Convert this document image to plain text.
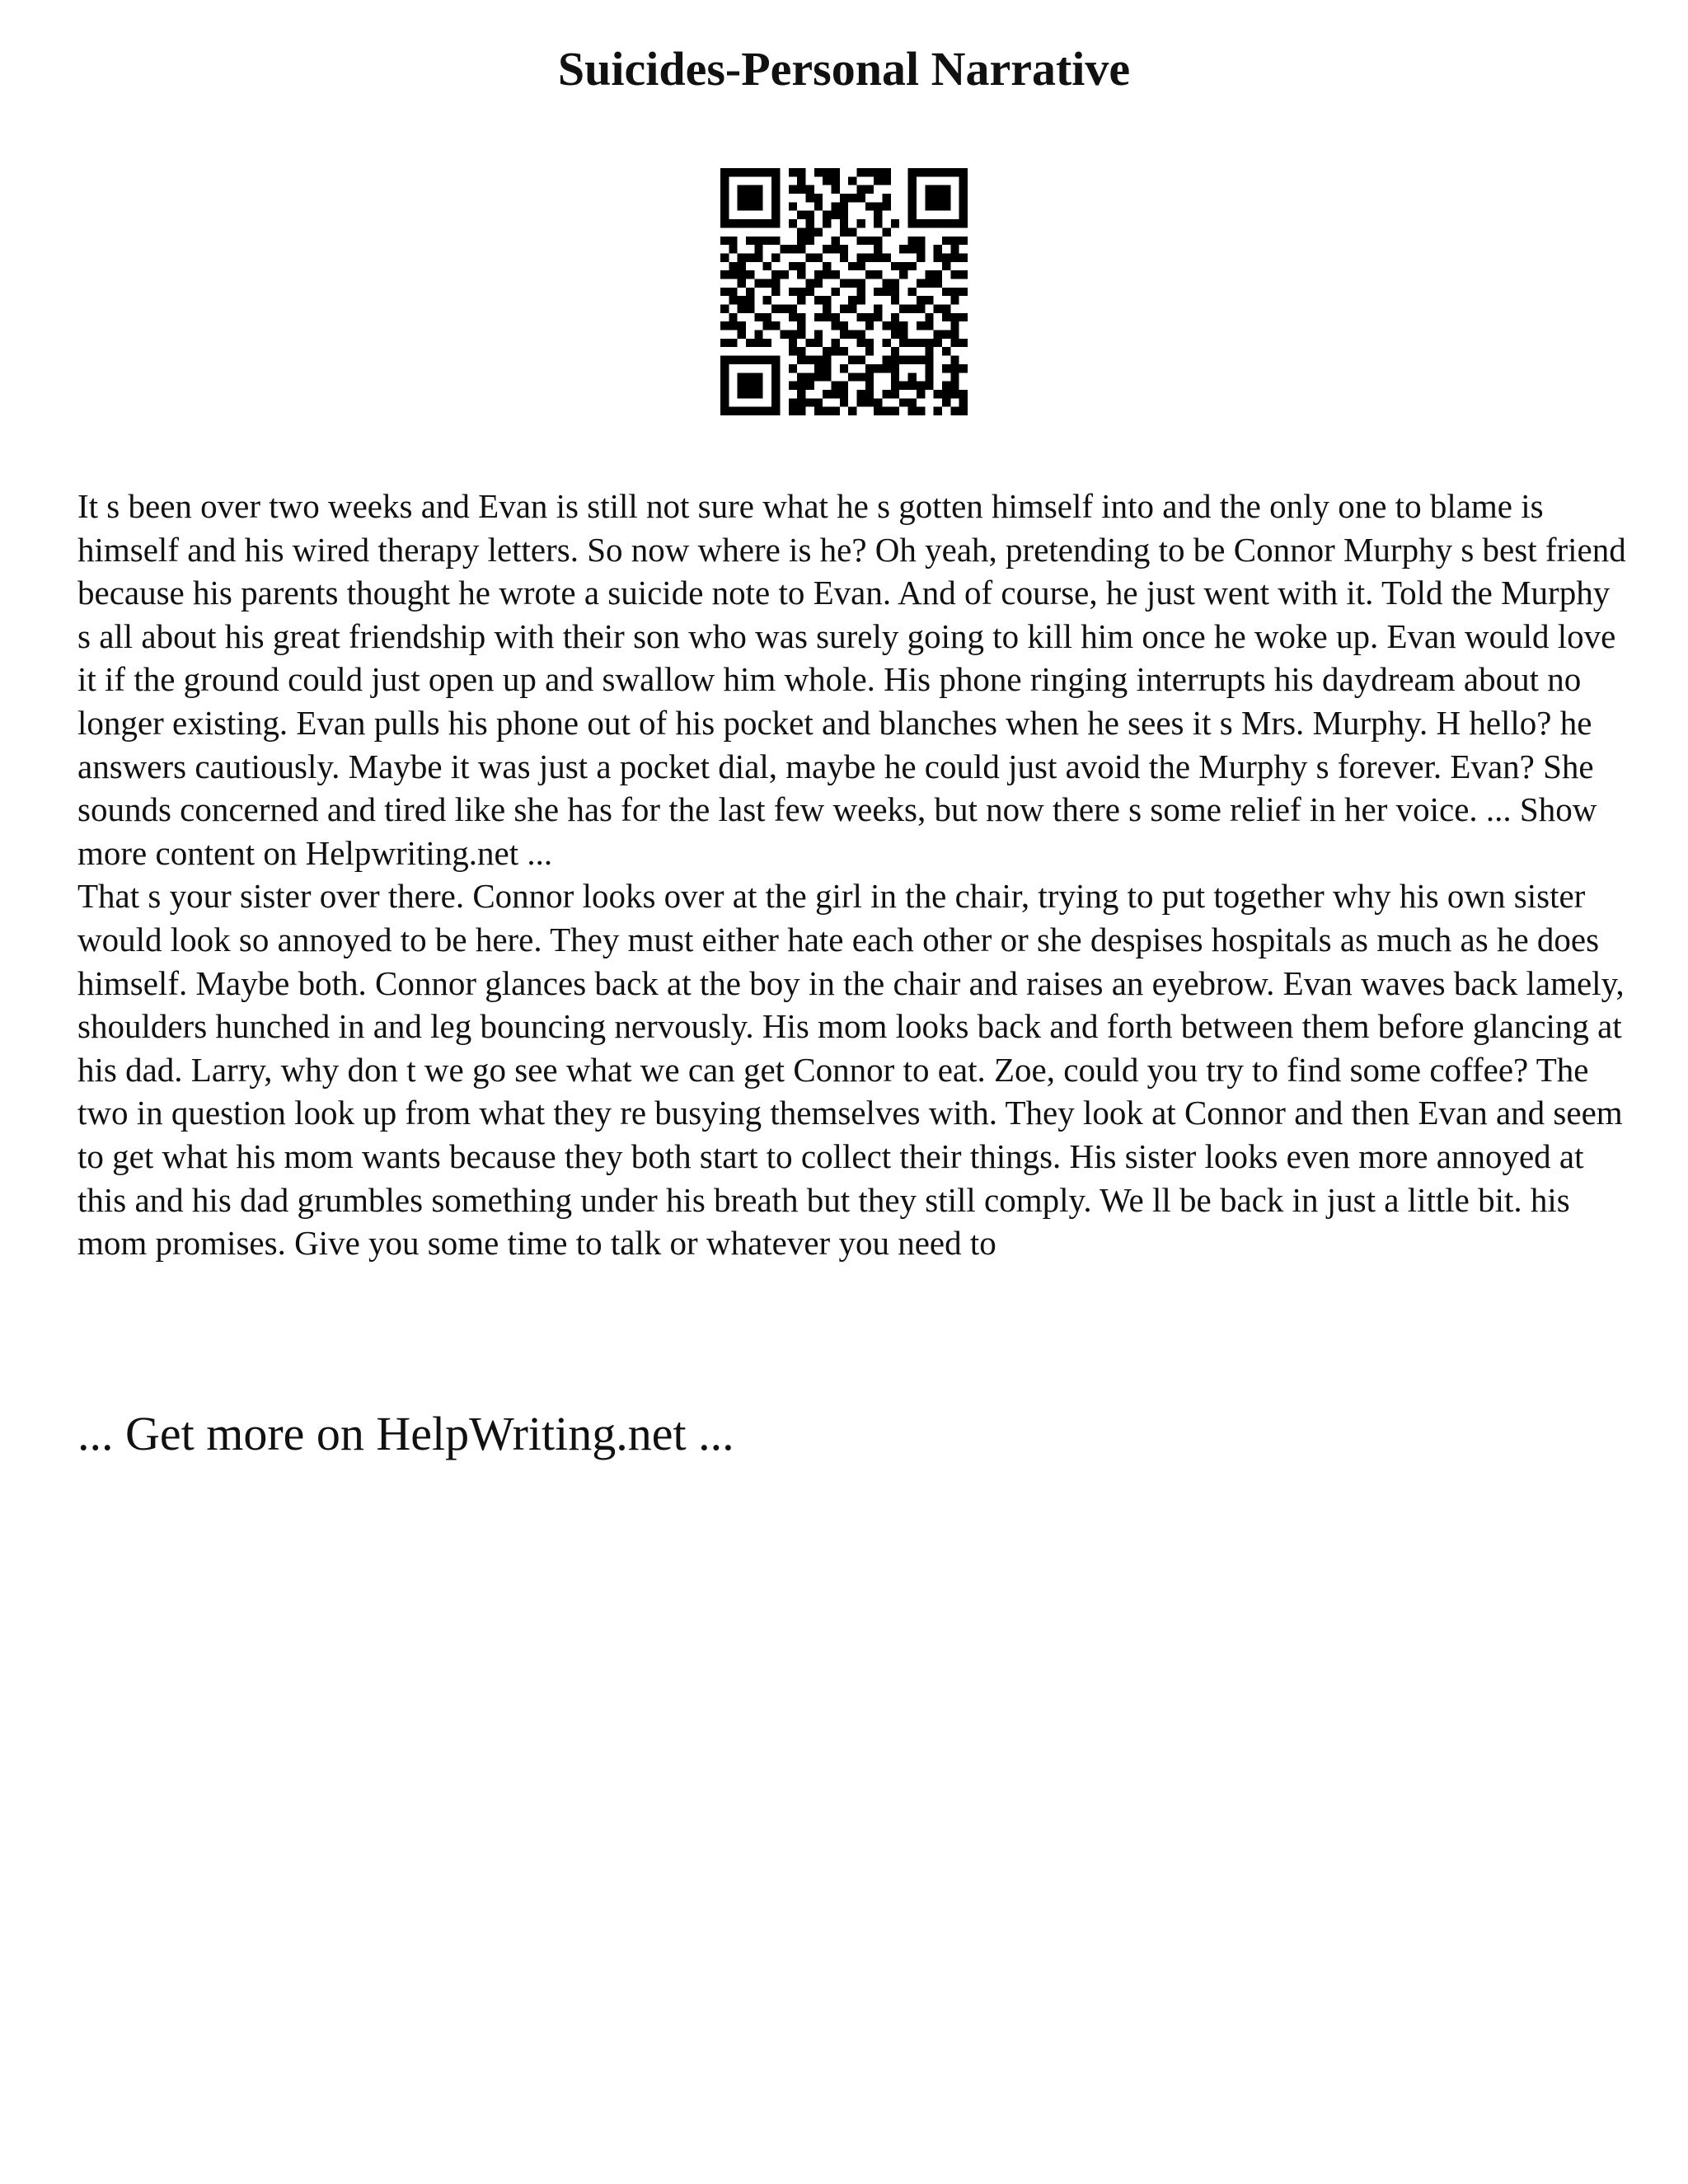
Suicides-Personal Narrative

It s been over two weeks and Evan is still not sure what he s gotten himself into and the only one to blame is himself and his wired therapy letters. So now where is he? Oh yeah, pretending to be Connor Murphy s best friend because his parents thought he wrote a suicide note to Evan. And of course, he just went with it. Told the Murphy s all about his great friendship with their son who was surely going to kill him once he woke up. Evan would love it if the ground could just open up and swallow him whole. His phone ringing interrupts his daydream about no longer existing. Evan pulls his phone out of his pocket and blanches when he sees it s Mrs. Murphy. H hello? he answers cautiously. Maybe it was just a pocket dial, maybe he could just avoid the Murphy s forever. Evan? She sounds concerned and tired like she has for the last few weeks, but now there s some relief in her voice. ... Show more content on Helpwriting.net ...

That s your sister over there. Connor looks over at the girl in the chair, trying to put together why his own sister would look so annoyed to be here. They must either hate each other or she despises hospitals as much as he does himself. Maybe both. Connor glances back at the boy in the chair and raises an eyebrow. Evan waves back lamely, shoulders hunched in and leg bouncing nervously. His mom looks back and forth between them before glancing at his dad. Larry, why don t we go see what we can get Connor to eat. Zoe, could you try to find some coffee? The two in question look up from what they re busying themselves with. They look at Connor and then Evan and seem to get what his mom wants because they both start to collect their things. His sister looks even more annoyed at this and his dad grumbles something under his breath but they still comply. We ll be back in just a little bit. his mom promises. Give you some time to talk or whatever you need to

... Get more on HelpWriting.net ...
